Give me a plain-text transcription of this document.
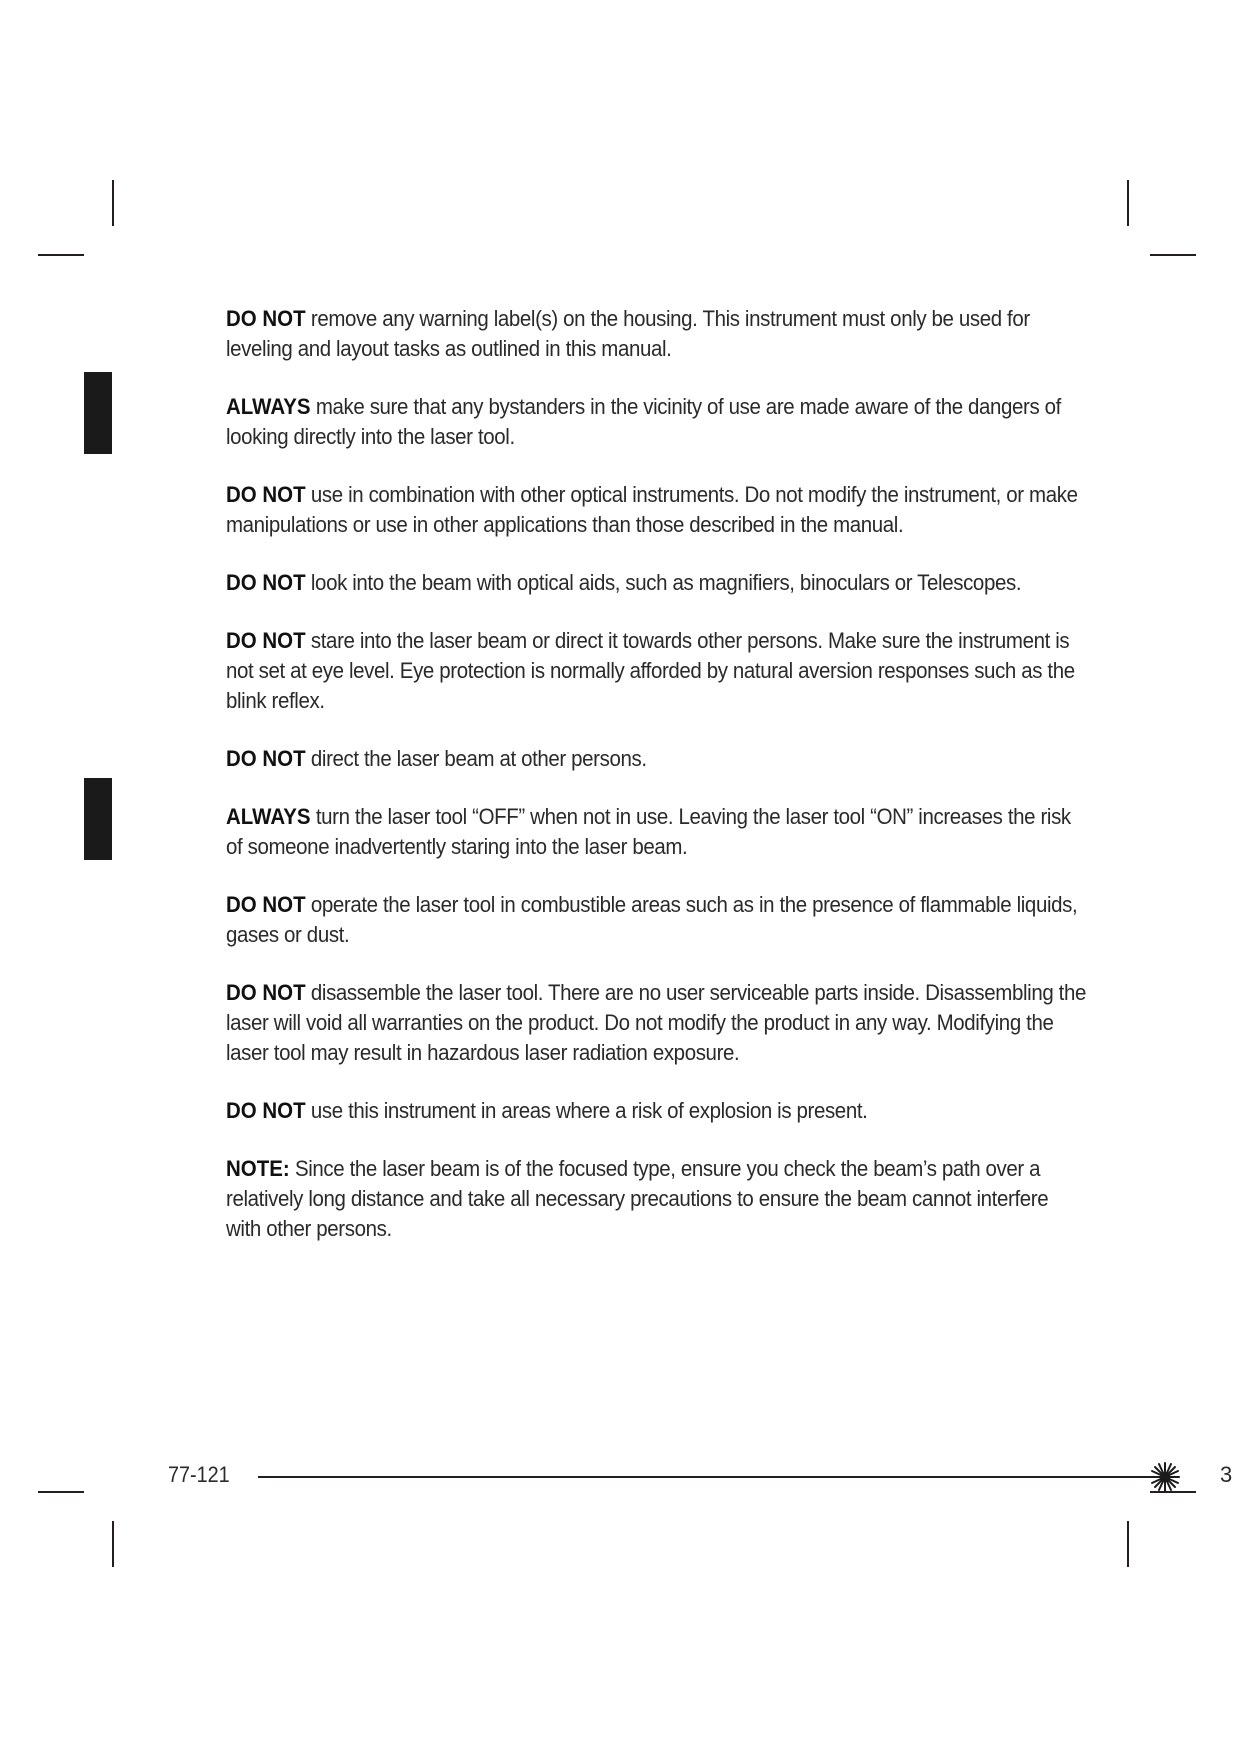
DO NOT remove any warning label(s) on the housing. This instrument must only be used for leveling and layout tasks as outlined in this manual.

ALWAYS make sure that any bystanders in the vicinity of use are made aware of the dangers of looking directly into the laser tool.

DO NOT use in combination with other optical instruments. Do not modify the instrument, or make manipulations or use in other applications than those described in the manual.

DO NOT look into the beam with optical aids, such as magnifiers, binoculars or Telescopes.

DO NOT stare into the laser beam or direct it towards other persons. Make sure the instrument is not set at eye level. Eye protection is normally afforded by natural aversion responses such as the blink reflex.

DO NOT direct the laser beam at other persons.

ALWAYS turn the laser tool “OFF” when not in use. Leaving the laser tool “ON” increases the risk of someone inadvertently staring into the laser beam.

DO NOT operate the laser tool in combustible areas such as in the presence of flammable liquids, gases or dust.

DO NOT disassemble the laser tool. There are no user serviceable parts inside. Disassembling the laser will void all warranties on the product. Do not modify the product in any way. Modifying the laser tool may result in hazardous laser radiation exposure.

DO NOT use this instrument in areas where a risk of explosion is present.

NOTE: Since the laser beam is of the focused type, ensure you check the beam’s path over a relatively long distance and take all necessary precautions to ensure the beam cannot interfere with other persons.

77-121	3
